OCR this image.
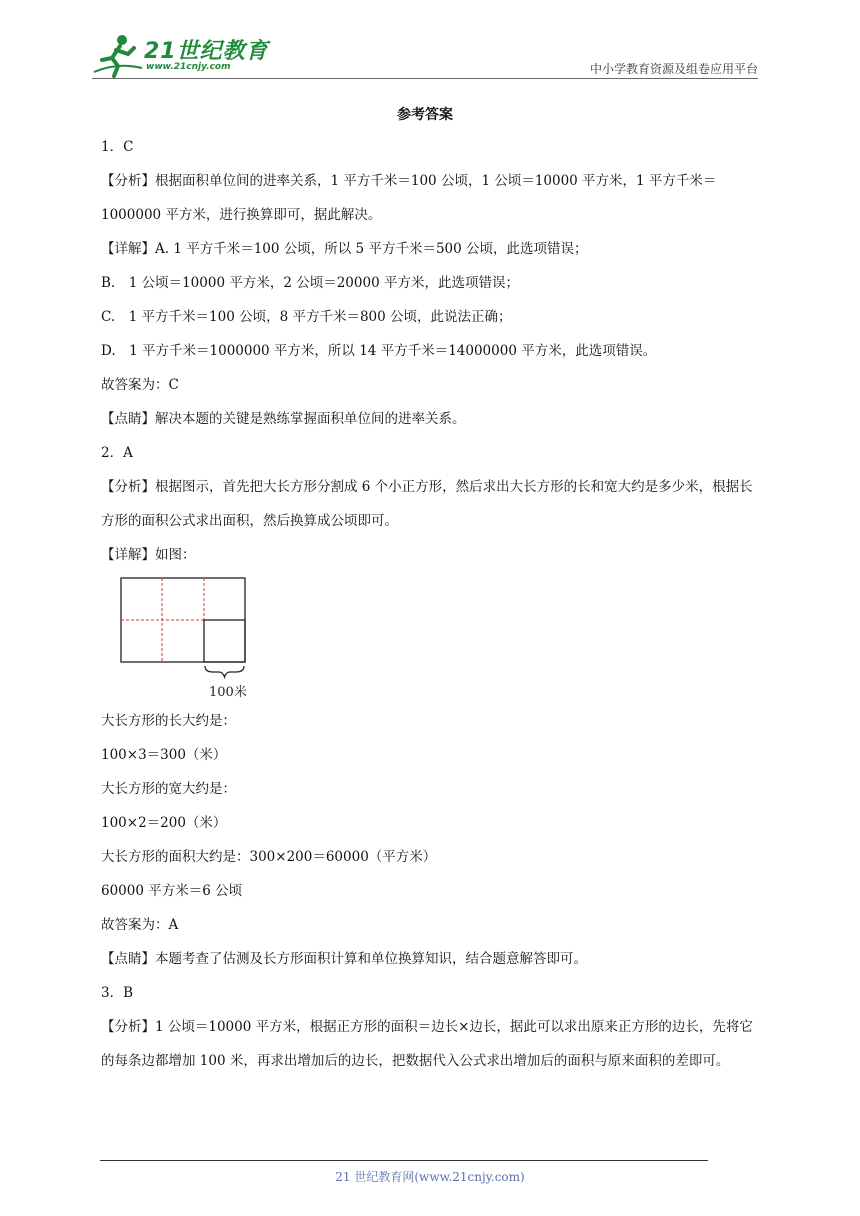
21世纪教育
www.21cnjy.com	中小学教育资源及组卷应用平台
参考答案

1．C

【分析】根据面积单位间的进率关系，1 平方千米＝100 公顷，1 公顷＝10000 平方米，1 平方千米＝1000000 平方米，进行换算即可，据此解决。

【详解】A. 1 平方千米＝100 公顷，所以 5 平方千米＝500 公顷，此选项错误；

B.　1 公顷＝10000 平方米，2 公顷＝20000 平方米，此选项错误；

C.　1 平方千米＝100 公顷，8 平方千米＝800 公顷，此说法正确；

D.　1 平方千米＝1000000 平方米，所以 14 平方千米＝14000000 平方米，此选项错误。

故答案为：C

【点睛】解决本题的关键是熟练掌握面积单位间的进率关系。

2．A

【分析】根据图示，首先把大长方形分割成 6 个小正方形，然后求出大长方形的长和宽大约是多少米，根据长方形的面积公式求出面积，然后换算成公顷即可。

【详解】如图：

100米

大长方形的长大约是：

100×3＝300（米）

大长方形的宽大约是：

100×2＝200（米）

大长方形的面积大约是：300×200＝60000（平方米）

60000 平方米＝6 公顷

故答案为：A

【点睛】本题考查了估测及长方形面积计算和单位换算知识，结合题意解答即可。

3．B

【分析】1 公顷＝10000 平方米，根据正方形的面积＝边长×边长，据此可以求出原来正方形的边长，先将它的每条边都增加 100 米，再求出增加后的边长，把数据代入公式求出增加后的面积与原来面积的差即可。

21 世纪教育网(www.21cnjy.com)
